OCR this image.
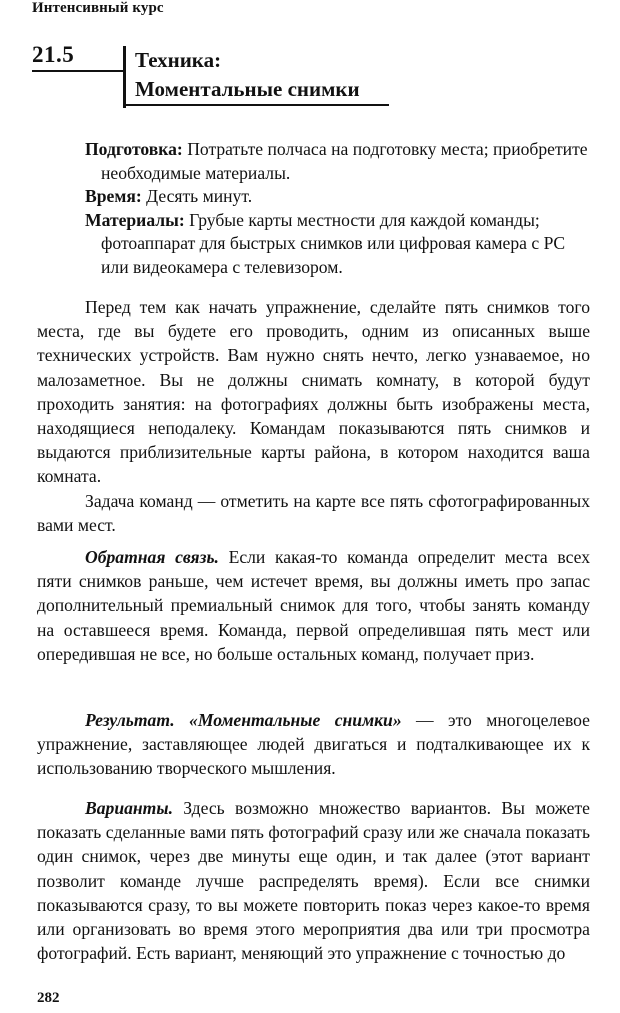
Интенсивный курс
21.5	Техника:
Моментальные снимки
Подготовка: Потратьте полчаса на подготовку места; приобретите необходимые материалы.
Время: Десять минут.
Материалы: Грубые карты местности для каждой команды; фотоаппарат для быстрых снимков или цифровая камера с PC или видеокамера с телевизором.

Перед тем как начать упражнение, сделайте пять снимков того места, где вы будете его проводить, одним из описанных выше технических устройств. Вам нужно снять нечто, легко узнаваемое, но малозаметное. Вы не должны снимать комнату, в которой будут проходить занятия: на фотографиях должны быть изображены места, находящиеся неподалеку. Командам показываются пять снимков и выдаются приблизительные карты района, в котором находится ваша комната.

Задача команд — отметить на карте все пять сфотографированных вами мест.

Обратная связь. Если какая-то команда определит места всех пяти снимков раньше, чем истечет время, вы должны иметь про запас дополнительный премиальный снимок для того, чтобы занять команду на оставшееся время. Команда, первой определившая пять мест или опередившая не все, но больше остальных команд, получает приз.

Результат. «Моментальные снимки» — это многоцелевое упражнение, заставляющее людей двигаться и подталкивающее их к использованию творческого мышления.

Варианты. Здесь возможно множество вариантов. Вы можете показать сделанные вами пять фотографий сразу или же сначала показать один снимок, через две минуты еще один, и так далее (этот вариант позволит команде лучше распределять время). Если все снимки показываются сразу, то вы можете повторить показ через какое-то время или организовать во время этого мероприятия два или три просмотра фотографий. Есть вариант, меняющий это упражнение с точностью до

282
